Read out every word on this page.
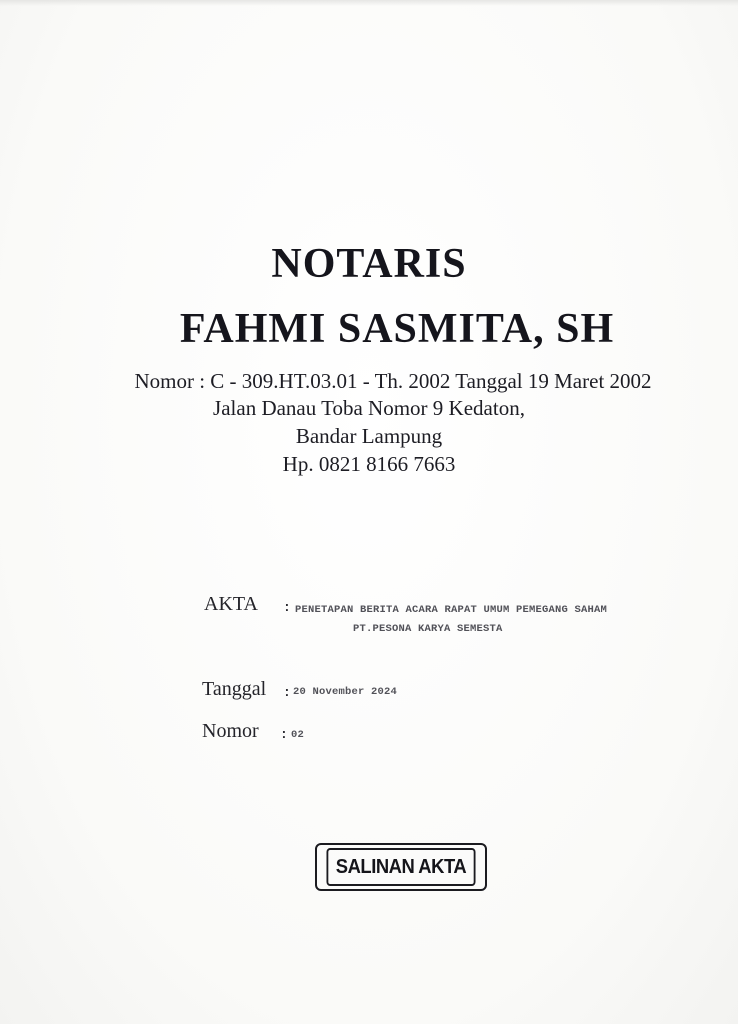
NOTARIS
FAHMI SASMITA, SH
Nomor : C - 309.HT.03.01 - Th. 2002 Tanggal 19 Maret 2002
Jalan Danau Toba Nomor 9 Kedaton,
Bandar Lampung
Hp. 0821 8166 7663
AKTA : PENETAPAN BERITA ACARA RAPAT UMUM PEMEGANG SAHAM
PT.PESONA KARYA SEMESTA
Tanggal : 20 November 2024
Nomor : 02
SALINAN AKTA
